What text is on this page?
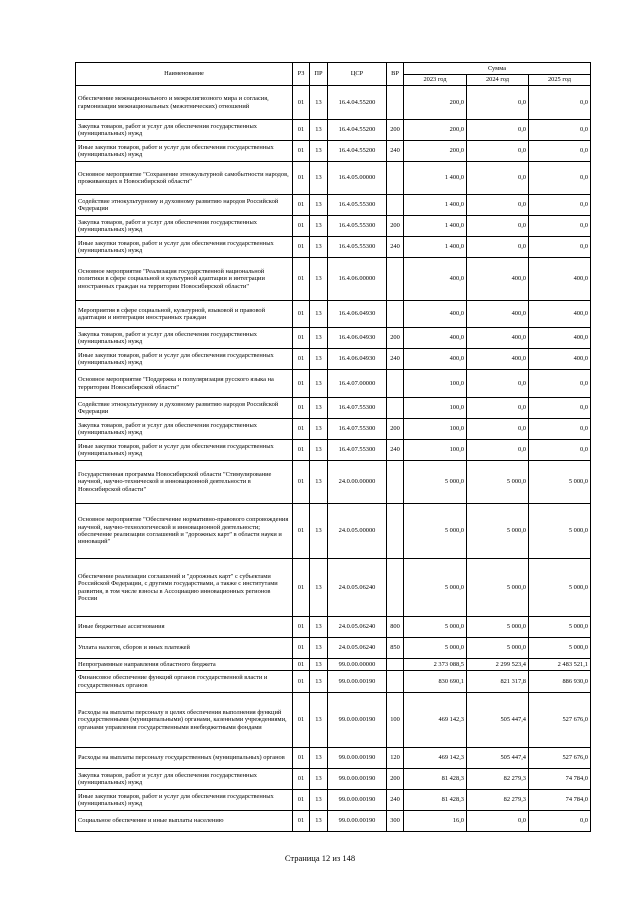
Наименование	РЗ	ПР	ЦСР	ВР	Сумма		
					2023 год	2024 год	2025 год
Обеспечение межнационального и межрелигиозного мира и согласия, гармонизации межнациональных (межэтнических) отношений	01	13	16.4.04.55200		200,0	0,0	0,0
Закупка товаров, работ и услуг для обеспечения государственных (муниципальных) нужд	01	13	16.4.04.55200	200	200,0	0,0	0,0
Иные закупки товаров, работ и услуг для обеспечения государственных (муниципальных) нужд	01	13	16.4.04.55200	240	200,0	0,0	0,0
Основное мероприятие "Сохранение этнокультурной самобытности народов, проживающих в Новосибирской области"	01	13	16.4.05.00000		1 400,0	0,0	0,0
Содействие этнокультурному и духовному развитию народов Российской Федерации	01	13	16.4.05.55300		1 400,0	0,0	0,0
Закупка товаров, работ и услуг для обеспечения государственных (муниципальных) нужд	01	13	16.4.05.55300	200	1 400,0	0,0	0,0
Иные закупки товаров, работ и услуг для обеспечения государственных (муниципальных) нужд	01	13	16.4.05.55300	240	1 400,0	0,0	0,0
Основное мероприятие "Реализация государственной национальной политики в сфере социальной и культурной адаптации и интеграции иностранных граждан на территории Новосибирской области"	01	13	16.4.06.00000		400,0	400,0	400,0
Мероприятия в сфере социальной, культурной, языковой и правовой адаптации и интеграции иностранных граждан	01	13	16.4.06.04930		400,0	400,0	400,0
Закупка товаров, работ и услуг для обеспечения государственных (муниципальных) нужд	01	13	16.4.06.04930	200	400,0	400,0	400,0
Иные закупки товаров, работ и услуг для обеспечения государственных (муниципальных) нужд	01	13	16.4.06.04930	240	400,0	400,0	400,0
Основное мероприятие "Поддержка и популяризация русского языка на территории Новосибирской области"	01	13	16.4.07.00000		100,0	0,0	0,0
Содействие этнокультурному и духовному развитию народов Российской Федерации	01	13	16.4.07.55300		100,0	0,0	0,0
Закупка товаров, работ и услуг для обеспечения государственных (муниципальных) нужд	01	13	16.4.07.55300	200	100,0	0,0	0,0
Иные закупки товаров, работ и услуг для обеспечения государственных (муниципальных) нужд	01	13	16.4.07.55300	240	100,0	0,0	0,0
Государственная программа Новосибирской области "Стимулирование научной, научно-технической и инновационной деятельности в Новосибирской области"	01	13	24.0.00.00000		5 000,0	5 000,0	5 000,0
Основное мероприятие "Обеспечение нормативно-правового сопровождения научной, научно-технологической и инновационной деятельности; обеспечение реализации соглашений и "дорожных карт" в области науки и инноваций"	01	13	24.0.05.00000		5 000,0	5 000,0	5 000,0
Обеспечение реализации соглашений и "дорожных карт" с субъектами Российской Федерации, с другими государствами, а также с институтами развития, в том числе взносы в Ассоциацию инновационных регионов России	01	13	24.0.05.06240		5 000,0	5 000,0	5 000,0
Иные бюджетные ассигнования	01	13	24.0.05.06240	800	5 000,0	5 000,0	5 000,0
Уплата налогов, сборов и иных платежей	01	13	24.0.05.06240	850	5 000,0	5 000,0	5 000,0
Непрограммные направления областного бюджета	01	13	99.0.00.00000		2 373 088,5	2 299 523,4	2 483 521,1
Финансовое обеспечение функций органов государственной власти и государственных органов	01	13	99.0.00.00190		830 690,1	821 317,8	886 930,0
Расходы на выплаты персоналу в целях обеспечения выполнения функций государственными (муниципальными) органами, казенными учреждениями, органами управления государственными внебюджетными фондами	01	13	99.0.00.00190	100	469 142,3	505 447,4	527 676,0
Расходы на выплаты персоналу государственных (муниципальных) органов	01	13	99.0.00.00190	120	469 142,3	505 447,4	527 676,0
Закупка товаров, работ и услуг для обеспечения государственных (муниципальных) нужд	01	13	99.0.00.00190	200	81 428,3	82 279,3	74 784,0
Иные закупки товаров, работ и услуг для обеспечения государственных (муниципальных) нужд	01	13	99.0.00.00190	240	81 428,3	82 279,3	74 784,0
Социальное обеспечение и иные выплаты населению	01	13	99.0.00.00190	300	16,0	0,0	0,0
Страница 12 из 148
